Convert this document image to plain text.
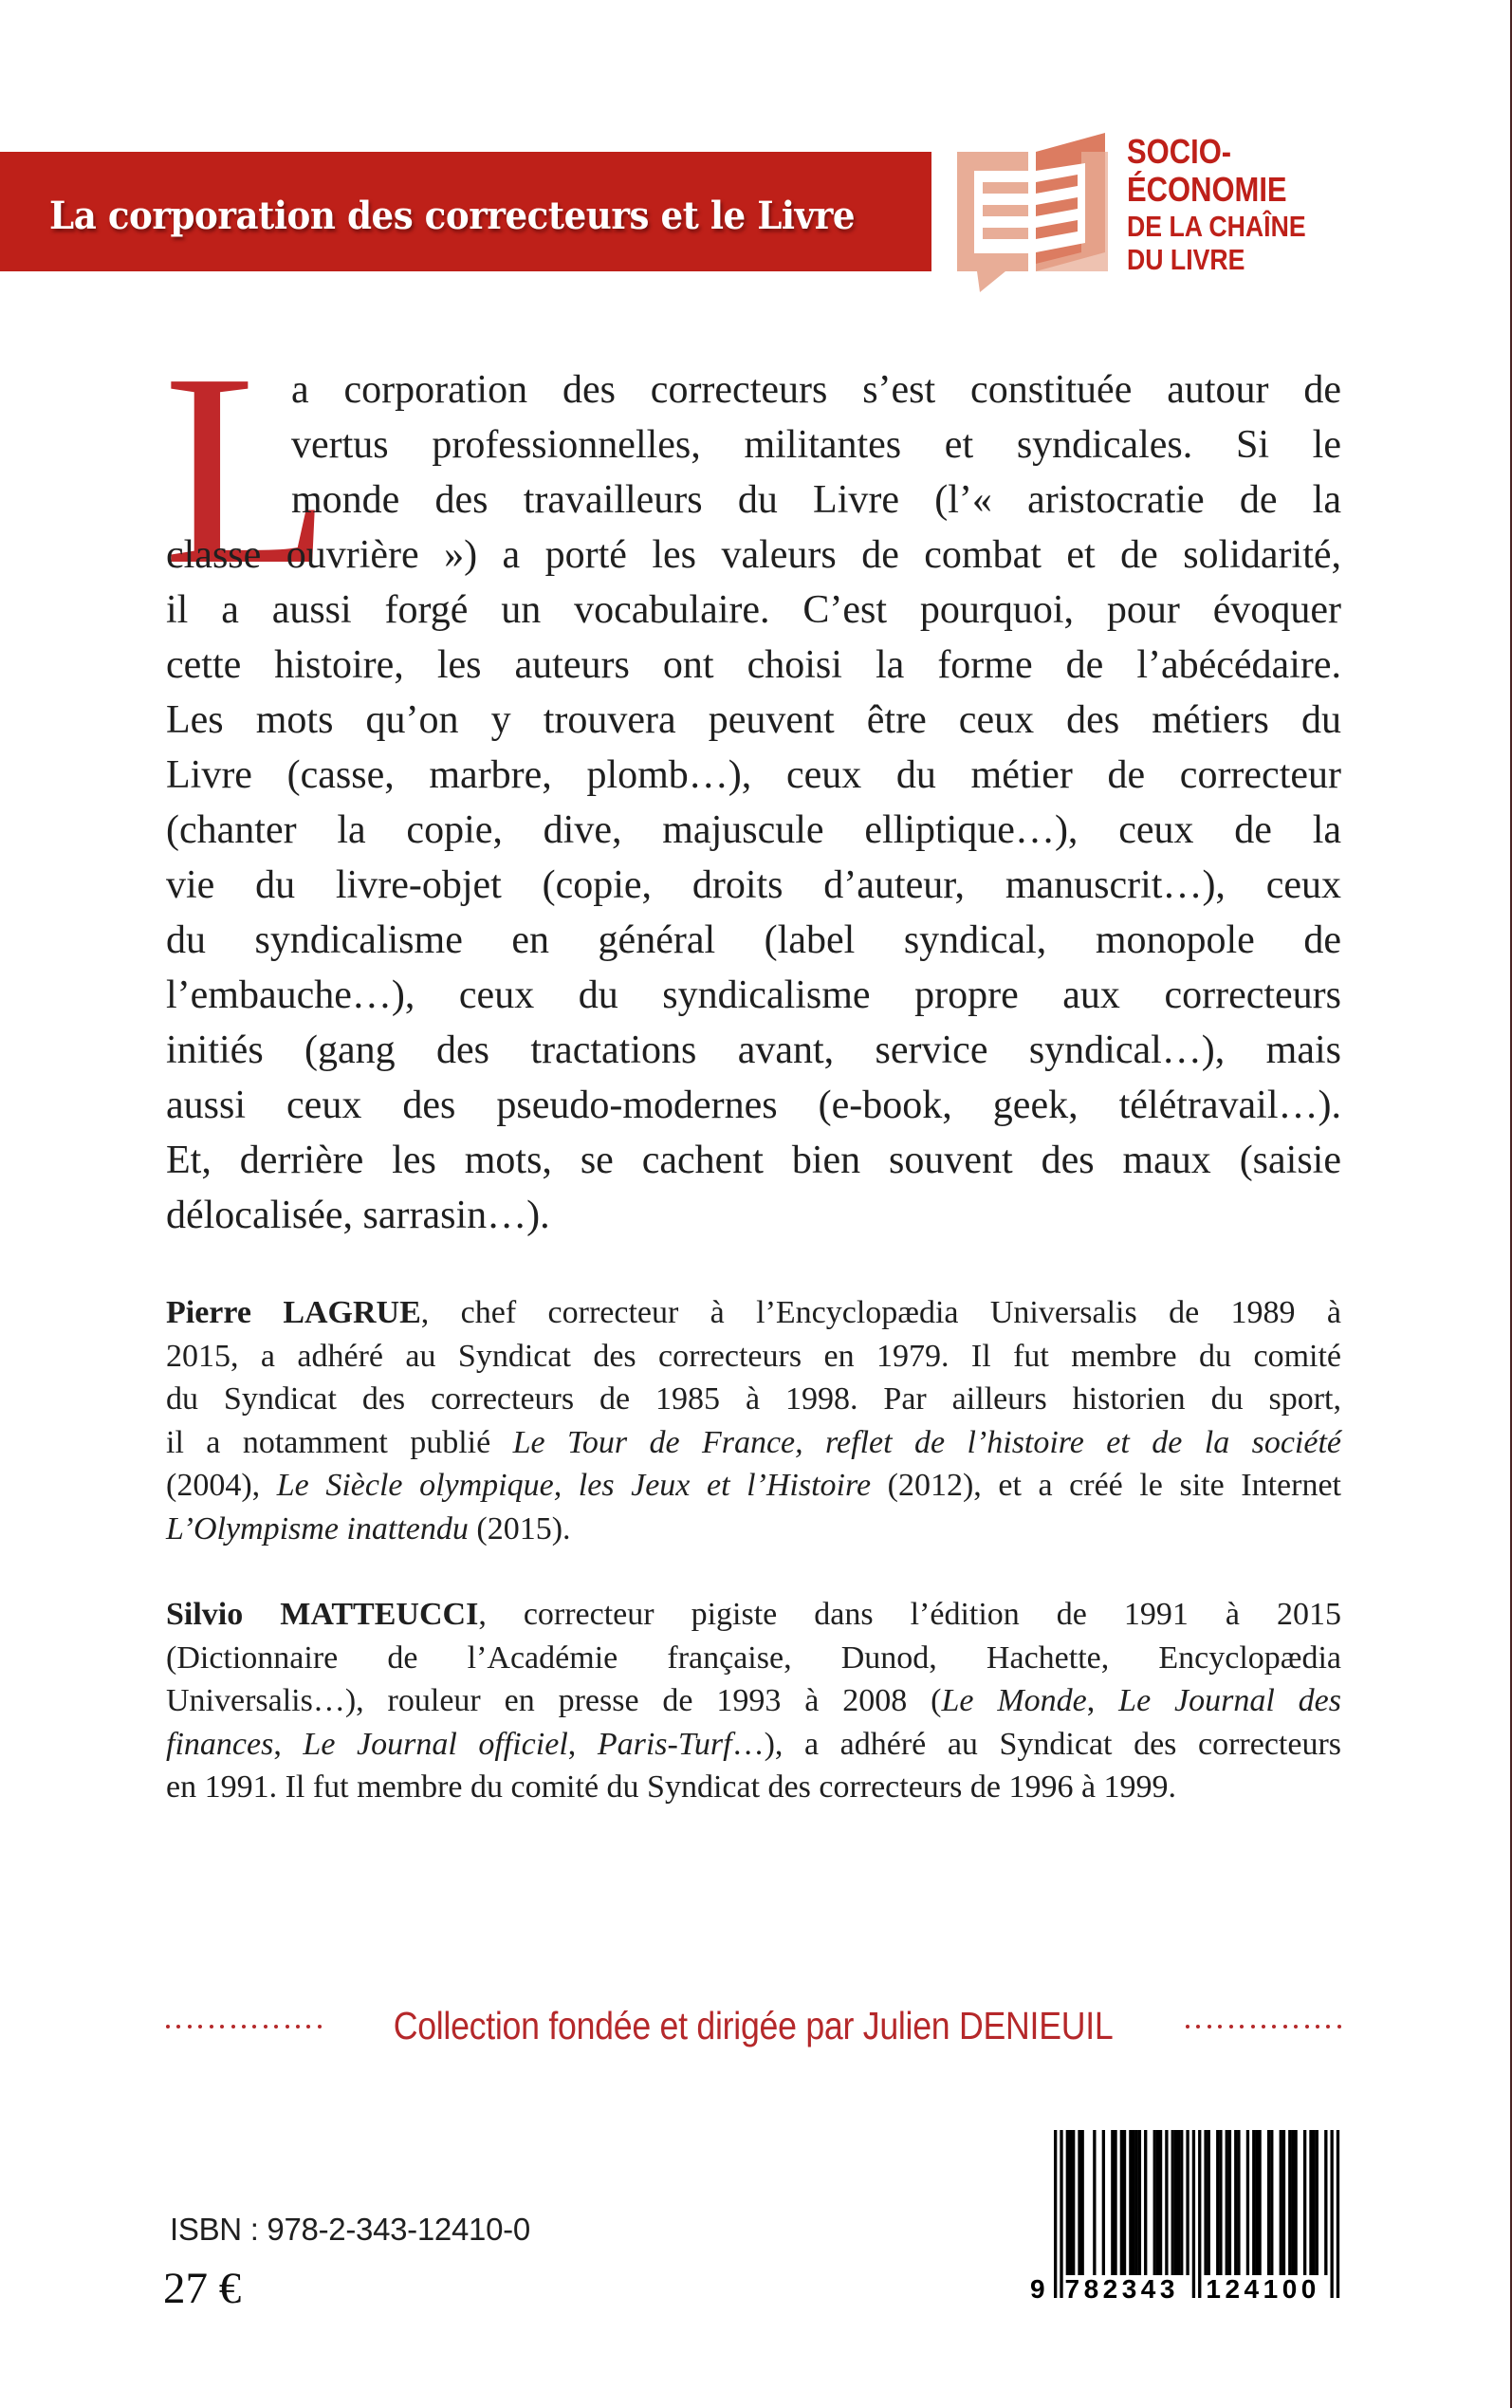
La corporation des correcteurs et le Livre
SOCIO-
ÉCONOMIE
DE LA CHAÎNE
DU LIVRE
L
a corporation des correcteurs s’est constituée autour de
vertus professionnelles, militantes et syndicales. Si le
monde des travailleurs du Livre (l’« aristocratie de la
classe ouvrière ») a porté les valeurs de combat et de solidarité,
il a aussi forgé un vocabulaire. C’est pourquoi, pour évoquer
cette histoire, les auteurs ont choisi la forme de l’abécédaire.
Les mots qu’on y trouvera peuvent être ceux des métiers du
Livre (casse, marbre, plomb…), ceux du métier de correcteur
(chanter la copie, dive, majuscule elliptique…), ceux de la
vie du livre-objet (copie, droits d’auteur, manuscrit…), ceux
du syndicalisme en général (label syndical, monopole de
l’embauche…), ceux du syndicalisme propre aux correcteurs
initiés (gang des tractations avant, service syndical…), mais
aussi ceux des pseudo-modernes (e-book, geek, télétravail…).
Et, derrière les mots, se cachent bien souvent des maux (saisie
délocalisée, sarrasin…).
Pierre LAGRUE, chef correcteur à l’Encyclopædia Universalis de 1989 à
2015, a adhéré au Syndicat des correcteurs en 1979. Il fut membre du comité
du Syndicat des correcteurs de 1985 à 1998. Par ailleurs historien du sport,
il a notamment publié Le Tour de France, reflet de l’histoire et de la société
(2004), Le Siècle olympique, les Jeux et l’Histoire (2012), et a créé le site Internet
L’Olympisme inattendu (2015).
Silvio MATTEUCCI, correcteur pigiste dans l’édition de 1991 à 2015
(Dictionnaire de l’Académie française, Dunod, Hachette, Encyclopædia
Universalis…), rouleur en presse de 1993 à 2008 (Le Monde, Le Journal des
finances, Le Journal officiel, Paris-Turf…), a adhéré au Syndicat des correcteurs
en 1991. Il fut membre du comité du Syndicat des correcteurs de 1996 à 1999.
Collection fondée et dirigée par Julien DENIEUIL
ISBN : 978-2-343-12410-0
27 €	9 782343 124100
